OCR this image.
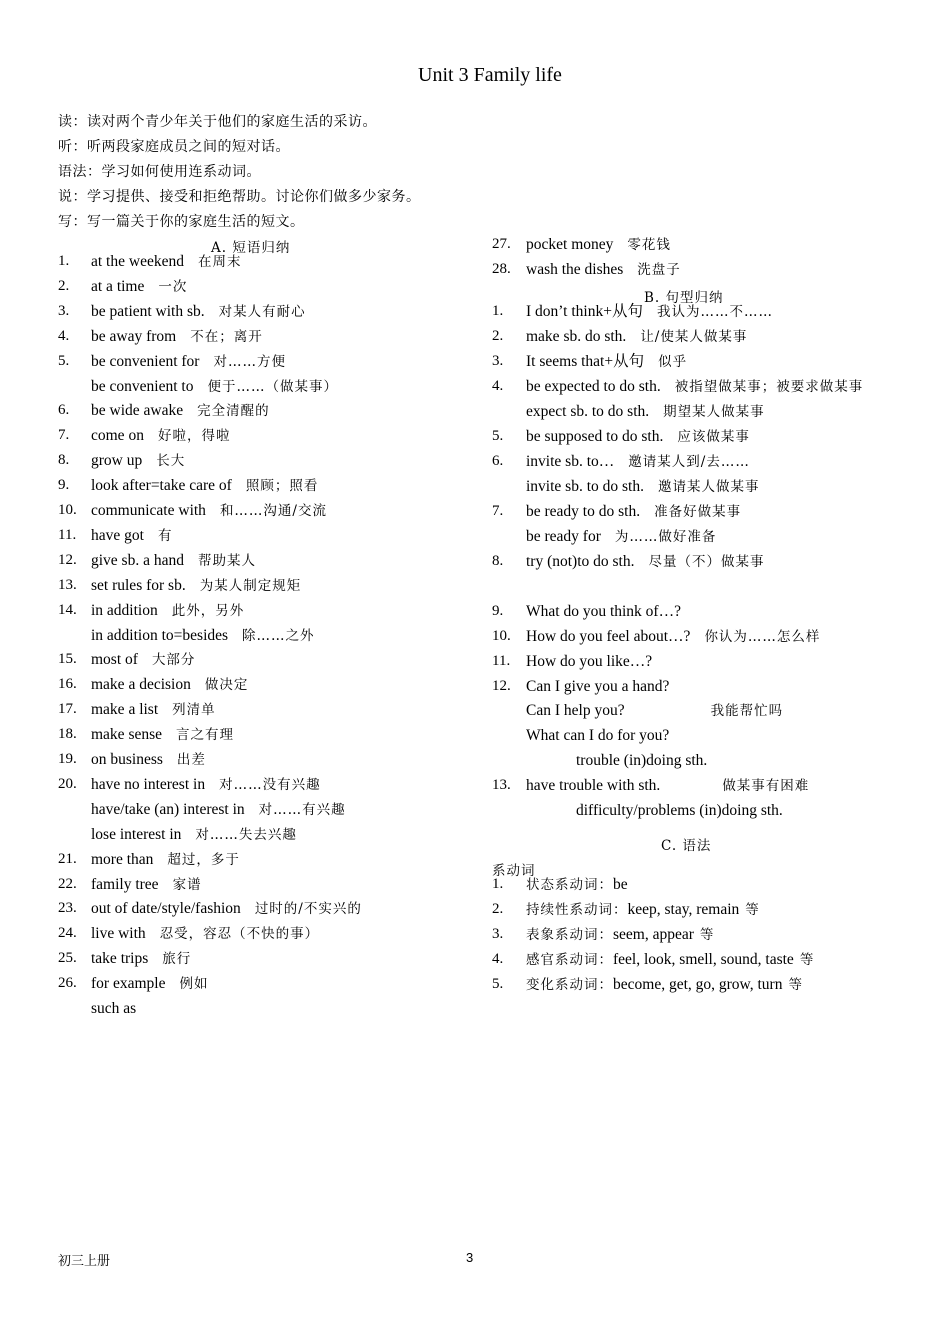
Unit 3 Family life
读：读对两个青少年关于他们的家庭生活的采访。
听：听两段家庭成员之间的短对话。
语法：学习如何使用连系动词。
说：学习提供、接受和拒绝帮助。讨论你们做多少家务。
写：写一篇关于你的家庭生活的短文。
A. 短语归纳
1. at the weekend 在周末
2. at a time 一次
3. be patient with sb. 对某人有耐心
4. be away from 不在；离开
5. be convenient for 对……方便
be convenient to 便于……（做某事）
6. be wide awake 完全清醒的
7. come on 好啦，得啦
8. grow up 长大
9. look after=take care of 照顾；照看
10. communicate with 和……沟通/交流
11. have got 有
12. give sb. a hand 帮助某人
13. set rules for sb. 为某人制定规矩
14. in addition 此外，另外
in addition to=besides 除……之外
15. most of 大部分
16. make a decision 做决定
17. make a list 列清单
18. make sense 言之有理
19. on business 出差
20. have no interest in 对……没有兴趣
have/take (an) interest in 对……有兴趣
lose interest in 对……失去兴趣
21. more than 超过，多于
22. family tree 家谱
23. out of date/style/fashion 过时的/不实兴的
24. live with 忍受，容忍（不快的事）
25. take trips 旅行
26. for example 例如
such as
27. pocket money 零花钱
28. wash the dishes 洗盘子
B. 句型归纳
1. I don’t think+从句 我认为……不……
2. make sb. do sth. 让/使某人做某事
3. It seems that+从句 似乎
4. be expected to do sth. 被指望做某事；被要求做某事
expect sb. to do sth. 期望某人做某事
5. be supposed to do sth. 应该做某事
6. invite sb. to… 邀请某人到/去……
invite sb. to do sth. 邀请某人做某事
7. be ready to do sth. 准备好做某事
be ready for 为……做好准备
8. try (not)to do sth. 尽量（不）做某事
9. What do you think of…?
10. How do you feel about…? 你认为……怎么样
11. How do you like…?
12. Can I give you a hand?
Can I help you?	我能帮忙吗
What can I do for you?
trouble (in)doing sth.
13. have trouble with sth.	做某事有困难
difficulty/problems (in)doing sth.
C. 语法
系动词
1. 状态系动词：be
2. 持续性系动词：keep, stay, remain 等
3. 表象系动词：seem, appear 等
4. 感官系动词：feel, look, smell, sound, taste 等
5. 变化系动词：become, get, go, grow, turn 等
初三上册	3
